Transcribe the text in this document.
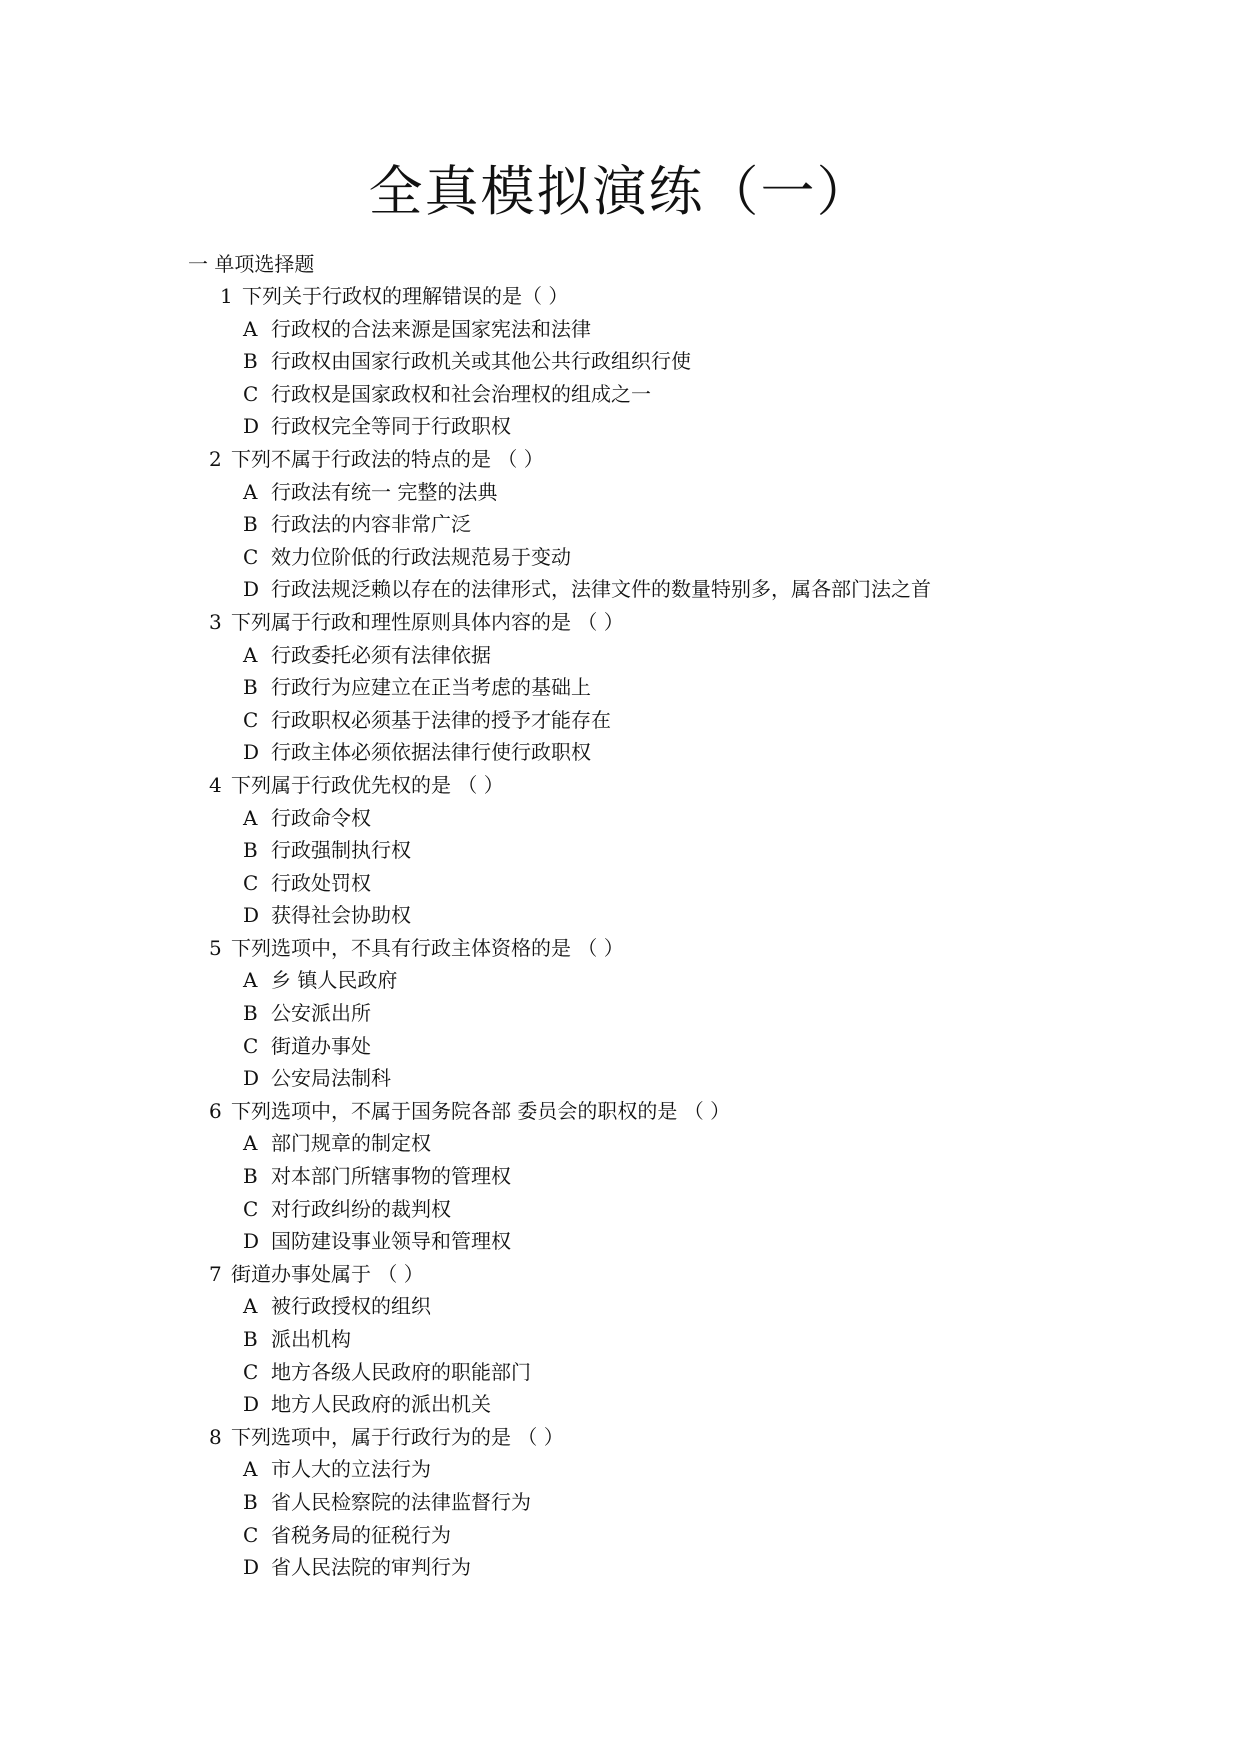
全真模拟演练（一）
一 单项选择题
1 下列关于行政权的理解错误的是（ ）
A 行政权的合法来源是国家宪法和法律
B 行政权由国家行政机关或其他公共行政组织行使
C 行政权是国家政权和社会治理权的组成之一
D 行政权完全等同于行政职权
2 下列不属于行政法的特点的是 （ ）
A 行政法有统一 完整的法典
B 行政法的内容非常广泛
C 效力位阶低的行政法规范易于变动
D 行政法规泛赖以存在的法律形式，法律文件的数量特别多，属各部门法之首
3 下列属于行政和理性原则具体内容的是 （ ）
A 行政委托必须有法律依据
B 行政行为应建立在正当考虑的基础上
C 行政职权必须基于法律的授予才能存在
D 行政主体必须依据法律行使行政职权
4 下列属于行政优先权的是 （ ）
A 行政命令权
B 行政强制执行权
C 行政处罚权
D 获得社会协助权
5 下列选项中，不具有行政主体资格的是 （ ）
A 乡 镇人民政府
B 公安派出所
C 街道办事处
D 公安局法制科
6 下列选项中，不属于国务院各部 委员会的职权的是 （ ）
A 部门规章的制定权
B 对本部门所辖事物的管理权
C 对行政纠纷的裁判权
D 国防建设事业领导和管理权
7 街道办事处属于 （ ）
A 被行政授权的组织
B 派出机构
C 地方各级人民政府的职能部门
D 地方人民政府的派出机关
8 下列选项中，属于行政行为的是 （ ）
A 市人大的立法行为
B 省人民检察院的法律监督行为
C 省税务局的征税行为
D 省人民法院的审判行为
